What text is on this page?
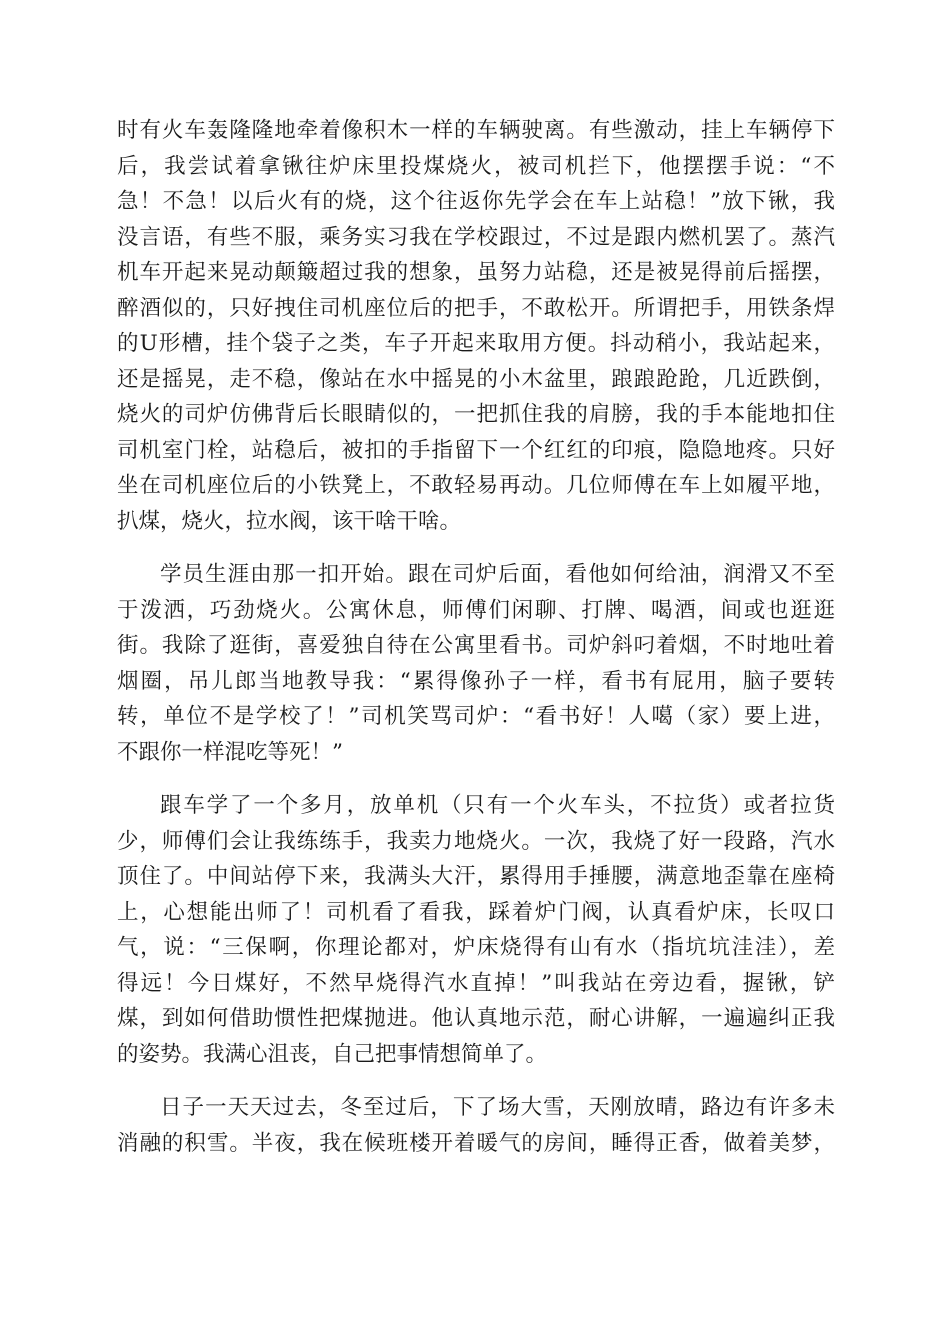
时有火车轰隆隆地牵着像积木一样的车辆驶离。有些激动，挂上车辆停下
后，我尝试着拿锹往炉床里投煤烧火，被司机拦下，他摆摆手说：“不
急！不急！以后火有的烧，这个往返你先学会在车上站稳！”放下锹，我
没言语，有些不服，乘务实习我在学校跟过，不过是跟内燃机罢了。蒸汽
机车开起来晃动颠簸超过我的想象，虽努力站稳，还是被晃得前后摇摆，
醉酒似的，只好拽住司机座位后的把手，不敢松开。所谓把手，用铁条焊
的U形槽，挂个袋子之类，车子开起来取用方便。抖动稍小，我站起来，
还是摇晃，走不稳，像站在水中摇晃的小木盆里，踉踉跄跄，几近跌倒，
烧火的司炉仿佛背后长眼睛似的，一把抓住我的肩膀，我的手本能地扣住
司机室门栓，站稳后，被扣的手指留下一个红红的印痕，隐隐地疼。只好
坐在司机座位后的小铁凳上，不敢轻易再动。几位师傅在车上如履平地，
扒煤，烧火，拉水阀，该干啥干啥。
学员生涯由那一扣开始。跟在司炉后面，看他如何给油，润滑又不至
于泼洒，巧劲烧火。公寓休息，师傅们闲聊、打牌、喝酒，间或也逛逛
街。我除了逛街，喜爱独自待在公寓里看书。司炉斜叼着烟，不时地吐着
烟圈，吊儿郎当地教导我：“累得像孙子一样，看书有屁用，脑子要转
转，单位不是学校了！”司机笑骂司炉：“看书好！人噶（家）要上进，
不跟你一样混吃等死！”
跟车学了一个多月，放单机（只有一个火车头，不拉货）或者拉货
少，师傅们会让我练练手，我卖力地烧火。一次，我烧了好一段路，汽水
顶住了。中间站停下来，我满头大汗，累得用手捶腰，满意地歪靠在座椅
上，心想能出师了！司机看了看我，踩着炉门阀，认真看炉床，长叹口
气，说：“三保啊，你理论都对，炉床烧得有山有水（指坑坑洼洼），差
得远！今日煤好，不然早烧得汽水直掉！”叫我站在旁边看，握锹，铲
煤，到如何借助惯性把煤抛进。他认真地示范，耐心讲解，一遍遍纠正我
的姿势。我满心沮丧，自己把事情想简单了。
日子一天天过去，冬至过后，下了场大雪，天刚放晴，路边有许多未
消融的积雪。半夜，我在候班楼开着暖气的房间，睡得正香，做着美梦，
